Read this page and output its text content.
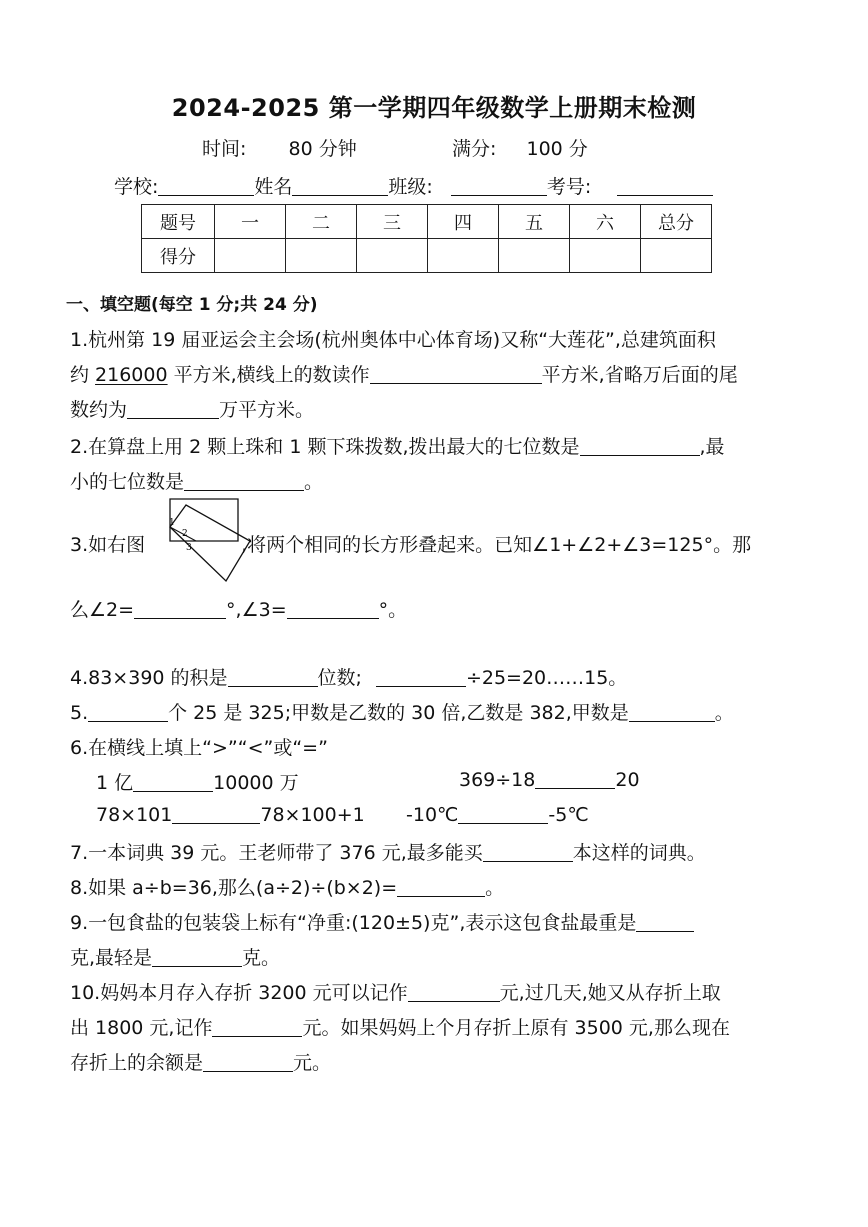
2024-2025 第一学期四年级数学上册期末检测
时间: 80 分钟	满分: 100 分
学校:	姓名	班级:	考号:
题号	一	二	三	四	五	六	总分
得分							
一、填空题(每空 1 分;共 24 分)
1.杭州第 19 届亚运会主会场(杭州奥体中心体育场)又称“大莲花”,总建筑面积
约 216000 平方米,横线上的数读作	平方米,省略万后面的尾
数约为	万平方米。
2.在算盘上用 2 颗上珠和 1 颗下珠拨数,拨出最大的七位数是	,最
小的七位数是	。
3.如右图	,将两个相同的长方形叠起来。已知∠1+∠2+∠3=125°。那
1
2
3
么∠2=	°,∠3=	°。
4.83×390 的积是	位数;	÷25=20……15。
5.	个 25 是 325;甲数是乙数的 30 倍,乙数是 382,甲数是	。
6.在横线上填上“>”“<”或“=”
1 亿	10000 万	369÷18	20
78×101	78×100+1 -10℃	-5℃
7.一本词典 39 元。王老师带了 376 元,最多能买	本这样的词典。
8.如果 a÷b=36,那么(a÷2)÷(b×2)=	。
9.一包食盐的包装袋上标有“净重:(120±5)克”,表示这包食盐最重是
克,最轻是	克。
10.妈妈本月存入存折 3200 元可以记作	元,过几天,她又从存折上取
出 1800 元,记作	元。如果妈妈上个月存折上原有 3500 元,那么现在
存折上的余额是	元。
